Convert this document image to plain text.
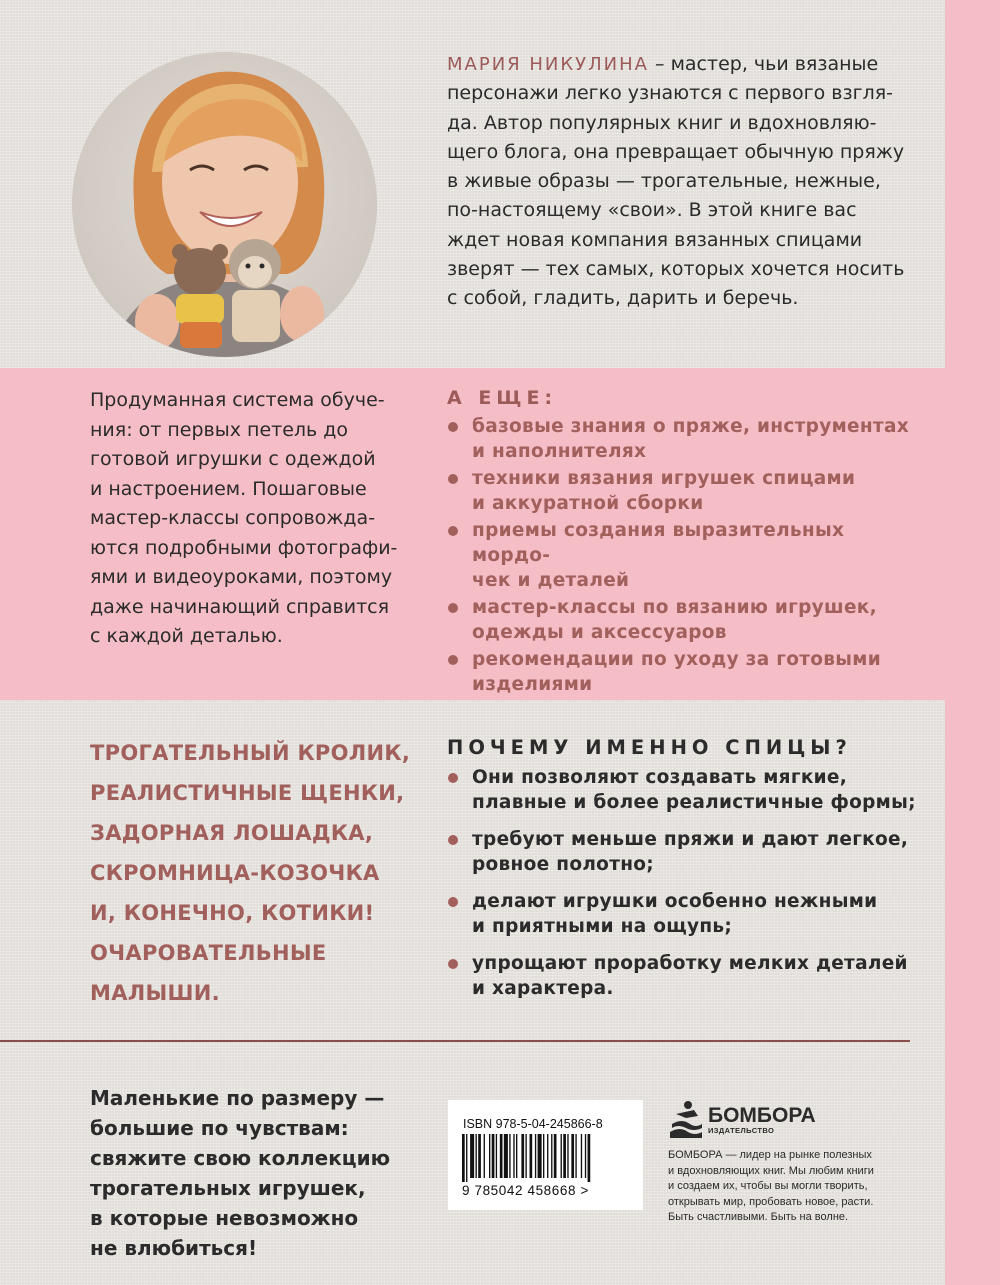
МАРИЯ НИКУЛИНА – мастер, чьи вязаные
персонажи легко узнаются с первого взгля-
да. Автор популярных книг и вдохновляю-
щего блога, она превращает обычную пряжу
в живые образы — трогательные, нежные,
по-настоящему «свои». В этой книге вас
ждет новая компания вязанных спицами
зверят — тех самых, которых хочется носить
с собой, гладить, дарить и беречь.
Продуманная система обуче-
ния: от первых петель до
готовой игрушки с одеждой
и настроением. Пошаговые
мастер-классы сопровожда-
ются подробными фотографи-
ями и видеоуроками, поэтому
даже начинающий справится
с каждой деталью.
А ЕЩЕ:
базовые знания о пряже, инструментах
и наполнителях
техники вязания игрушек спицами
и аккуратной сборки
приемы создания выразительных мордо-
чек и деталей
мастер-классы по вязанию игрушек,
одежды и аксессуаров
рекомендации по уходу за готовыми
изделиями
ТРОГАТЕЛЬНЫЙ КРОЛИК,
РЕАЛИСТИЧНЫЕ ЩЕНКИ,
ЗАДОРНАЯ ЛОШАДКА,
СКРОМНИЦА-КОЗОЧКА
И, КОНЕЧНО, КОТИКИ!
ОЧАРОВАТЕЛЬНЫЕ
МАЛЫШИ.
ПОЧЕМУ ИМЕННО СПИЦЫ?
Они позволяют создавать мягкие,
плавные и более реалистичные формы;
требуют меньше пряжи и дают легкое,
ровное полотно;
делают игрушки особенно нежными
и приятными на ощупь;
упрощают проработку мелких деталей
и характера.
Маленькие по размеру —
большие по чувствам:
свяжите свою коллекцию
трогательных игрушек,
в которые невозможно
не влюбиться!
ISBN 978-5-04-245866-8
9 785042 458668 >
БОМБОРА
ИЗДАТЕЛЬСТВО
БОМБОРА — лидер на рынке полезных
и вдохновляющих книг. Мы любим книги
и создаем их, чтобы вы могли творить,
открывать мир, пробовать новое, расти.
Быть счастливыми. Быть на волне.
